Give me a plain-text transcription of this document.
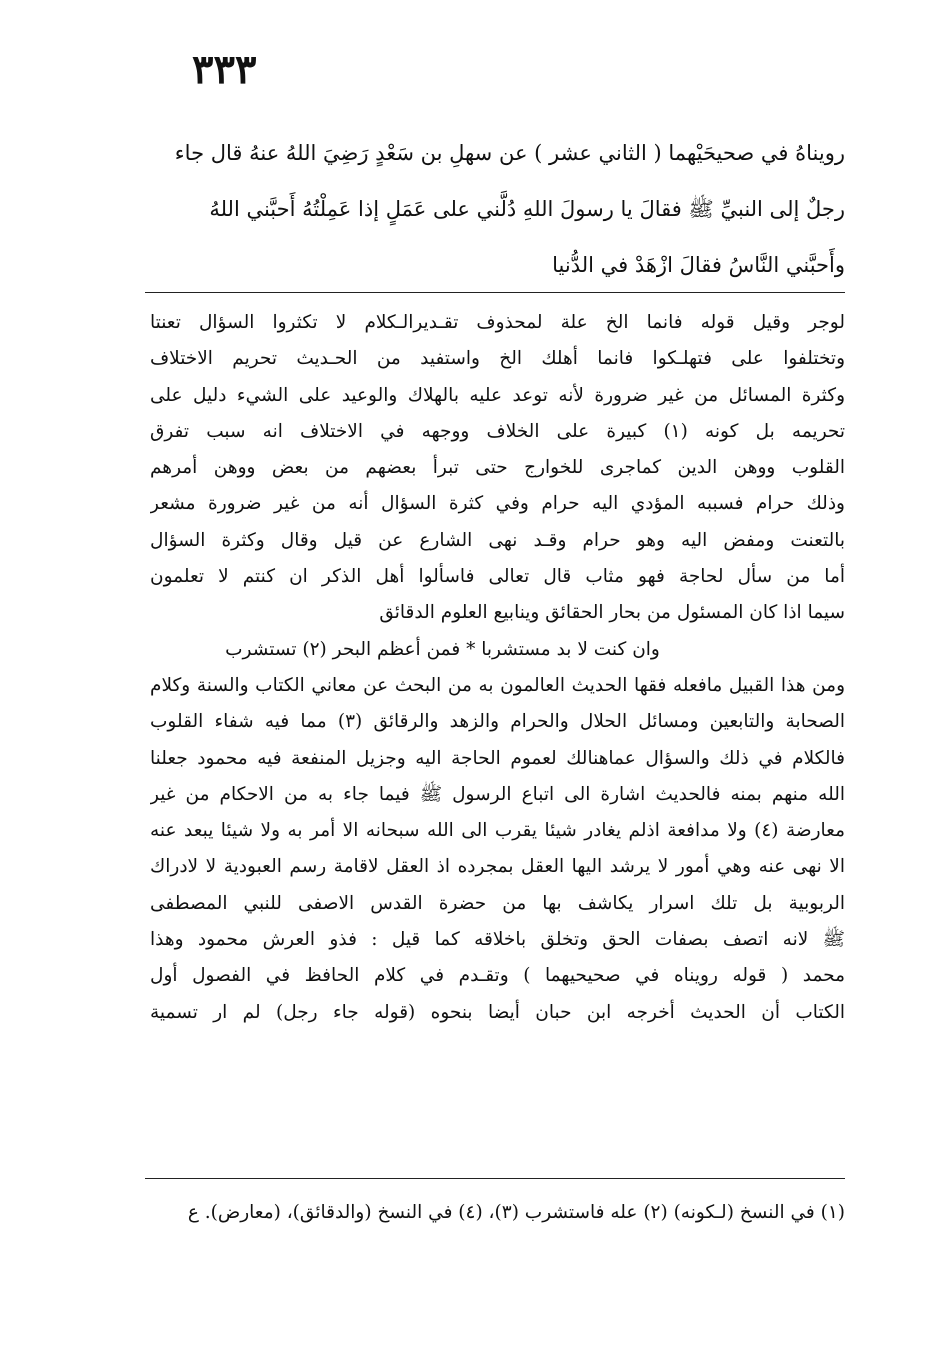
٣٣٣
رويناهُ في صحيحَيْهما ( الثاني عشر ) عن سهلِ بن سَعْدٍ رَضِيَ اللهُ عنهُ قال جاء
رجلٌ إلى النبيِّ ﷺ فقالَ يا رسولَ اللهِ دُلَّني على عَمَلٍ إذا عَمِلْتُهُ أَحبَّني اللهُ
وأَحبَّني النَّاسُ فقالَ ازْهَدْ في الدُّنيا
لوجر وقيل قوله فانما الخ علة لمحذوف تقـديرالـكلام لا تكثروا السؤال تعنتا
وتختلفوا على فتهلـكوا فانما أهلك الخ واستفيد من الحـديث تحريم الاختلاف
وكثرة المسائل من غير ضرورة لأنه توعد عليه بالهلاك والوعيد على الشيء دليل على
تحريمه بل كونه (١) كبيرة على الخلاف ووجهه في الاختلاف انه سبب تفرق
القلوب ووهن الدين كماجرى للخوارج حتى تبرأ بعضهم من بعض ووهن أمرهم
وذلك حرام فسببه المؤدي اليه حرام وفي كثرة السؤال أنه من غير ضرورة مشعر
بالتعنت ومفض اليه وهو حرام وقـد نهى الشارع عن قيل وقال وكثرة السؤال
أما من سأل لحاجة فهو مثاب قال تعالى فاسألوا أهل الذكر ان كنتم لا تعلمون
سيما اذا كان المسئول من بحار الحقائق وينابيع العلوم الدقائق
وان كنت لا بد مستشربا * فمن أعظم البحر (٢) تستشرب
ومن هذا القبيل مافعله فقها الحديث العالمون به من البحث عن معاني الكتاب والسنة وكلام
الصحابة والتابعين ومسائل الحلال والحرام والزهد والرقائق (٣) مما فيه شفاء القلوب
فالكلام في ذلك والسؤال عماهنالك لعموم الحاجة اليه وجزيل المنفعة فيه محمود جعلنا
الله منهم بمنه فالحديث اشارة الى اتباع الرسول ﷺ فيما جاء به من الاحكام من غير
معارضة (٤) ولا مدافعة اذلم يغادر شيئا يقرب الى الله سبحانه الا أمر به ولا شيئا يبعد عنه
الا نهى عنه وهي أمور لا يرشد اليها العقل بمجرده اذ العقل لاقامة رسم العبودية لا لادراك
الربوبية بل تلك اسرار يكاشف بها من حضرة القدس الاصفى للنبي المصطفى
ﷺ لانه اتصف بصفات الحق وتخلق باخلاقه كما قيل : فذو العرش محمود وهذا
محمد ( قوله رويناه في صحيحيهما ) وتقـدم في كلام الحافظ في الفصول أول
الكتاب أن الحديث أخرجه ابن حبان أيضا بنحوه (قوله جاء رجل) لم ار تسمية
(١) في النسخ (لـكونه) (٢) عله فاستشرب (٣)، (٤) في النسخ (والدقائق)، (معارض). ع
